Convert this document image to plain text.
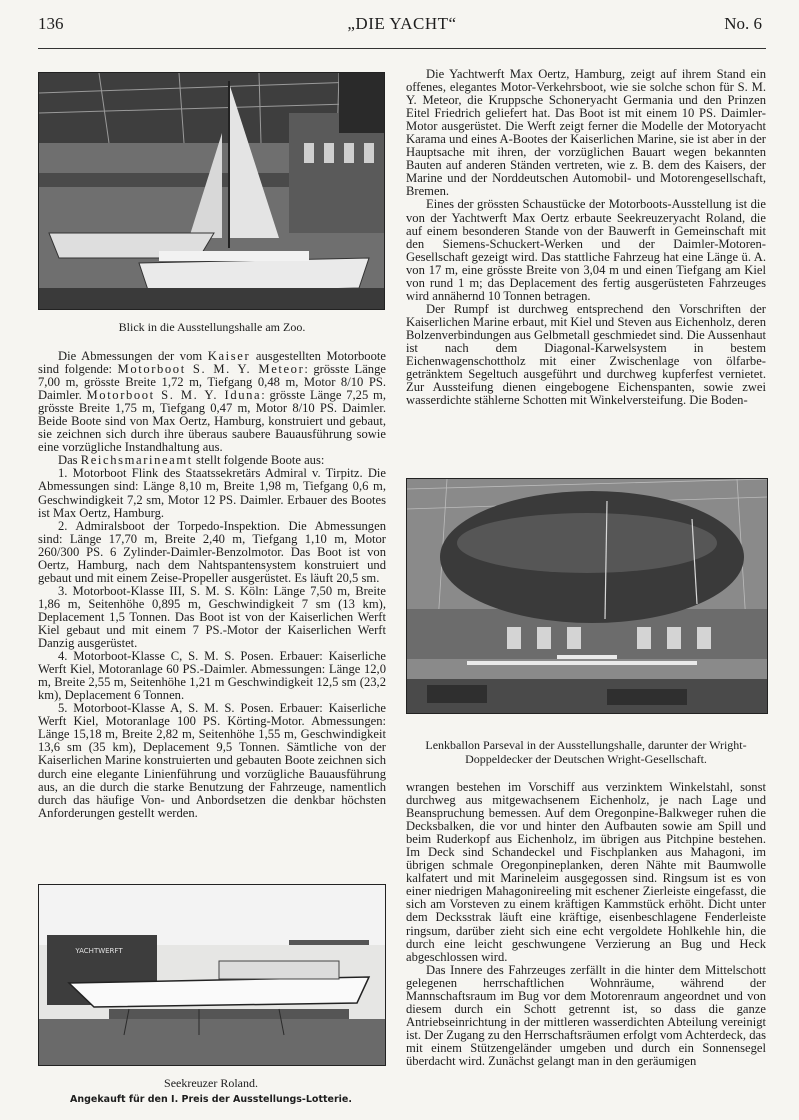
136	„DIE YACHT“	No. 6
Blick in die Ausstellungshalle am Zoo.

Die Abmessungen der vom Kaiser ausgestellten Motorboote sind folgende: Motorboot S. M. Y. Meteor: grösste Länge 7,00 m, grösste Breite 1,72 m, Tiefgang 0,48 m, Motor 8/10 PS. Daimler. Motorboot S. M. Y. Iduna: grösste Länge 7,25 m, grösste Breite 1,75 m, Tiefgang 0,47 m, Motor 8/10 PS. Daimler. Beide Boote sind von Max Oertz, Hamburg, konstruiert und gebaut, sie zeichnen sich durch ihre überaus saubere Bauausführung sowie eine vorzügliche Instandhaltung aus.

Das Reichsmarineamt stellt folgende Boote aus:

1. Motorboot Flink des Staatssekretärs Admiral v. Tirpitz. Die Abmessungen sind: Länge 8,10 m, Breite 1,98 m, Tiefgang 0,6 m, Geschwindigkeit 7,2 sm, Motor 12 PS. Daimler. Erbauer des Bootes ist Max Oertz, Hamburg.

2. Admiralsboot der Torpedo-Inspektion. Die Abmessungen sind: Länge 17,70 m, Breite 2,40 m, Tiefgang 1,10 m, Motor 260/300 PS. 6 Zylinder-Daimler-Benzolmotor. Das Boot ist von Oertz, Hamburg, nach dem Nahtspantensystem konstruiert und gebaut und mit einem Zeise-Propeller ausgerüstet. Es läuft 20,5 sm.

3. Motorboot-Klasse III, S. M. S. Köln: Länge 7,50 m, Breite 1,86 m, Seitenhöhe 0,895 m, Geschwindigkeit 7 sm (13 km), Deplacement 1,5 Tonnen. Das Boot ist von der Kaiserlichen Werft Kiel gebaut und mit einem 7 PS.-Motor der Kaiserlichen Werft Danzig ausgerüstet.

4. Motorboot-Klasse C, S. M. S. Posen. Erbauer: Kaiserliche Werft Kiel, Motoranlage 60 PS.-Daimler. Abmessungen: Länge 12,0 m, Breite 2,55 m, Seitenhöhe 1,21 m Geschwindigkeit 12,5 sm (23,2 km), Deplacement 6 Tonnen.

5. Motorboot-Klasse A, S. M. S. Posen. Erbauer: Kaiserliche Werft Kiel, Motoranlage 100 PS. Körting-Motor. Abmessungen: Länge 15,18 m, Breite 2,82 m, Seitenhöhe 1,55 m, Geschwindigkeit 13,6 sm (35 km), Deplacement 9,5 Tonnen. Sämtliche von der Kaiserlichen Marine konstruierten und gebauten Boote zeichnen sich durch eine elegante Linienführung und vorzügliche Bauausführung aus, an die durch die starke Benutzung der Fahrzeuge, namentlich durch das häufige Von- und Anbordsetzen die denkbar höchsten Anforderungen gestellt werden.

YACHTWERFT
Seekreuzer Roland.
Angekauft für den I. Preis der Ausstellungs-Lotterie.

Die Yachtwerft Max Oertz, Hamburg, zeigt auf ihrem Stand ein offenes, elegantes Motor-Verkehrsboot, wie sie solche schon für S. M. Y. Meteor, die Kruppsche Schoneryacht Germania und den Prinzen Eitel Friedrich geliefert hat. Das Boot ist mit einem 10 PS. Daimler-Motor ausgerüstet. Die Werft zeigt ferner die Modelle der Motoryacht Karama und eines A-Bootes der Kaiserlichen Marine, sie ist aber in der Hauptsache mit ihren, der vorzüglichen Bauart wegen bekannten Bauten auf anderen Ständen vertreten, wie z. B. dem des Kaisers, der Marine und der Norddeutschen Automobil- und Motorengesellschaft, Bremen.

Eines der grössten Schaustücke der Motorboots-Ausstellung ist die von der Yachtwerft Max Oertz erbaute Seekreuzeryacht Roland, die auf einem besonderen Stande von der Bauwerft in Gemeinschaft mit den Siemens-Schuckert-Werken und der Daimler-Motoren-Gesellschaft gezeigt wird. Das stattliche Fahrzeug hat eine Länge ü. A. von 17 m, eine grösste Breite von 3,04 m und einen Tiefgang am Kiel von rund 1 m; das Deplacement des fertig ausgerüsteten Fahrzeuges wird annähernd 10 Tonnen betragen.

Der Rumpf ist durchweg entsprechend den Vorschriften der Kaiserlichen Marine erbaut, mit Kiel und Steven aus Eichenholz, deren Bolzenverbindungen aus Gelbmetall geschmiedet sind. Die Aussenhaut ist nach dem Diagonal-Karwelsystem in bestem Eichenwagenschottholz mit einer Zwischenlage von ölfarbe-getränktem Segeltuch ausgeführt und durchweg kupferfest vernietet. Zur Aussteifung dienen eingebogene Eichenspanten, sowie zwei wasserdichte stählerne Schotten mit Winkelversteifung. Die Boden-

Lenkballon Parseval in der Ausstellungshalle, darunter der Wright-Doppeldecker der Deutschen Wright-Gesellschaft.

wrangen bestehen im Vorschiff aus verzinktem Winkelstahl, sonst durchweg aus mitgewachsenem Eichenholz, je nach Lage und Beanspruchung bemessen. Auf dem Oregonpine-Balkweger ruhen die Decksbalken, die vor und hinter den Aufbauten sowie am Spill und beim Ruderkopf aus Eichenholz, im übrigen aus Pitchpine bestehen. Im Deck sind Schandeckel und Fischplanken aus Mahagoni, im übrigen schmale Oregonpineplanken, deren Nähte mit Baumwolle kalfatert und mit Marineleim ausgegossen sind. Ringsum ist es von einer niedrigen Mahagonireeling mit eschener Zierleiste eingefasst, die sich am Vorsteven zu einem kräftigen Kammstück erhöht. Dicht unter dem Decksstrak läuft eine kräftige, eisenbeschlagene Fenderleiste ringsum, darüber zieht sich eine echt vergoldete Hohlkehle hin, die durch eine leicht geschwungene Verzierung an Bug und Heck abgeschlossen wird.

Das Innere des Fahrzeuges zerfällt in die hinter dem Mittelschott gelegenen herrschaftlichen Wohnräume, während der Mannschaftsraum im Bug vor dem Motorenraum angeordnet und von diesem durch ein Schott getrennt ist, so dass die ganze Antriebseinrichtung in der mittleren wasserdichten Abteilung vereinigt ist. Der Zugang zu den Herrschaftsräumen erfolgt vom Achterdeck, das mit einem Stützengeländer umgeben und durch ein Sonnensegel überdacht wird. Zunächst gelangt man in den geräumigen
